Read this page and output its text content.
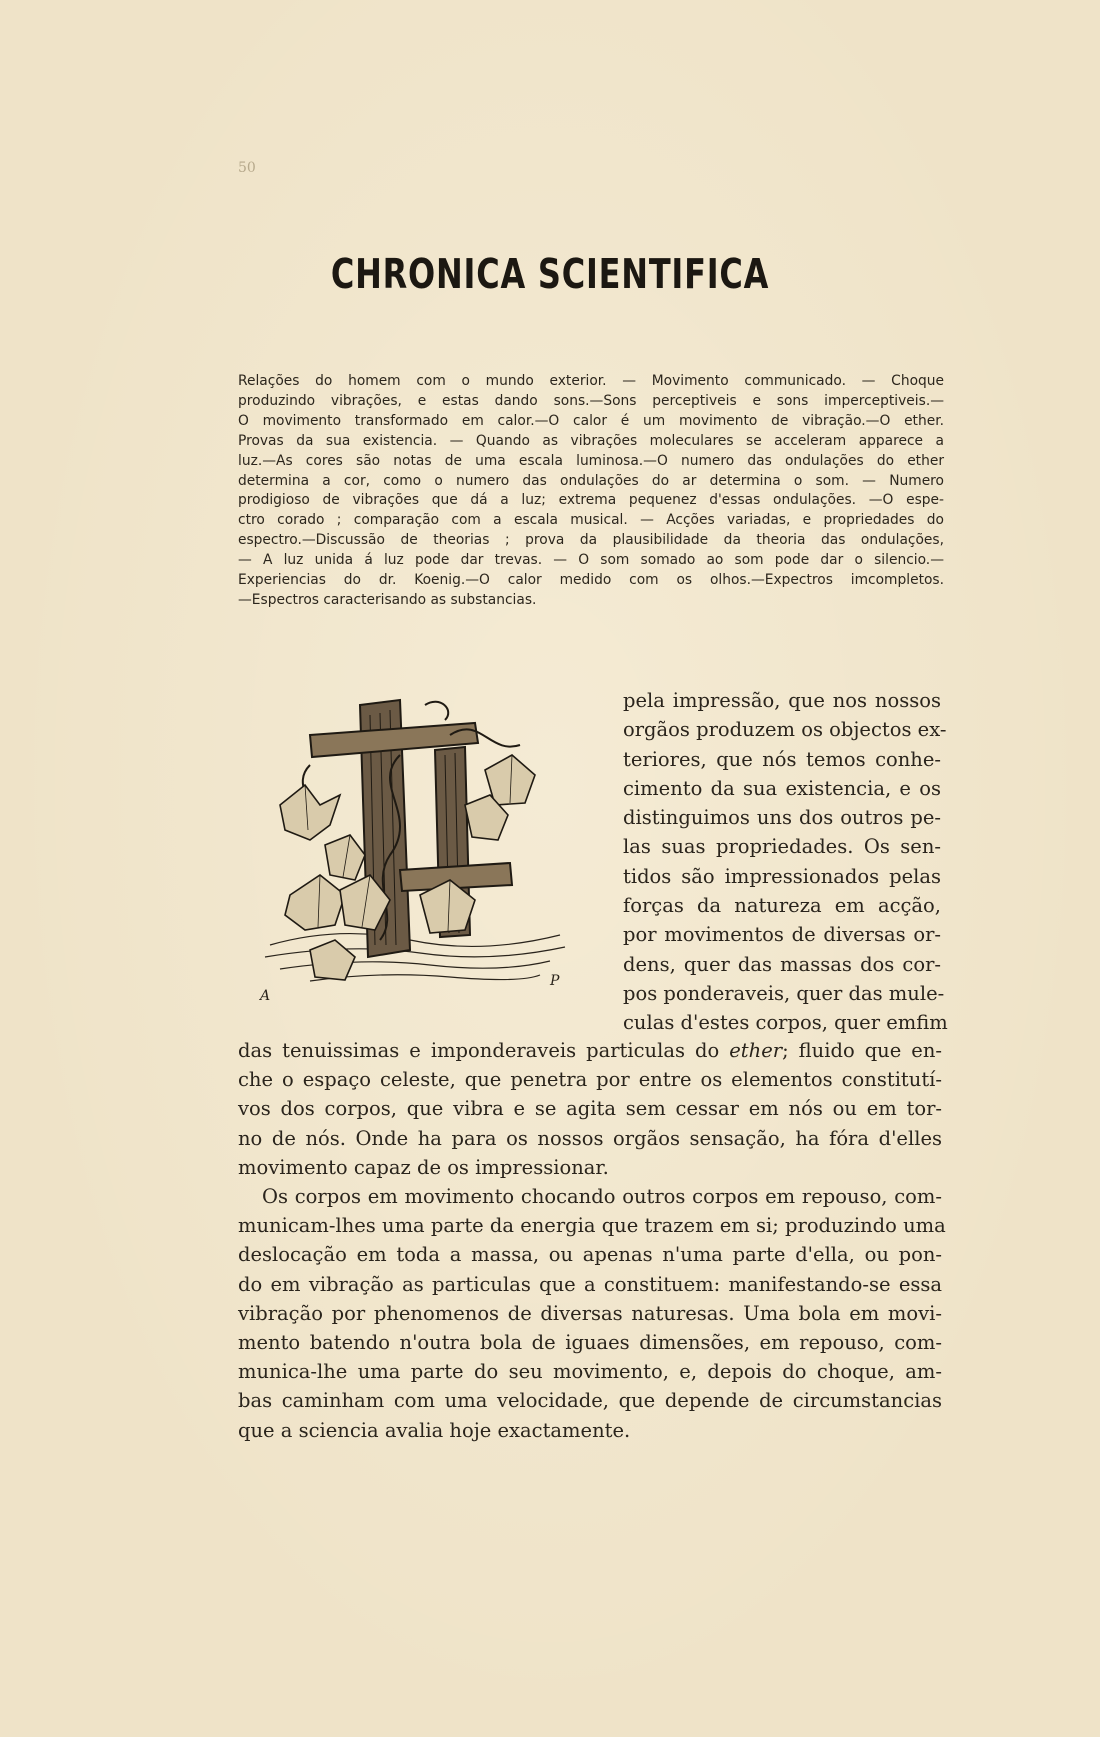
50
CHRONICA SCIENTIFICA
Relações do homem com o mundo exterior. — Movimento communicado. — Choque
produzindo vibrações, e estas dando sons.—Sons perceptiveis e sons imperceptiveis.—
O movimento transformado em calor.—O calor é um movimento de vibração.—O ether.
Provas da sua existencia. — Quando as vibrações moleculares se acceleram apparece a
luz.—As cores são notas de uma escala luminosa.—O numero das ondulações do ether
determina a cor, como o numero das ondulações do ar determina o som. — Numero
prodigioso de vibrações que dá a luz; extrema pequenez d'essas ondulações. —O espe-
ctro corado ; comparação com a escala musical. — Acções variadas, e propriedades do
espectro.—Discussão de theorias ; prova da plausibilidade da theoria das ondulações,
— A luz unida á luz pode dar trevas. — O som somado ao som pode dar o silencio.—
Experiencias do dr. Koenig.—O calor medido com os olhos.—Expectros imcompletos.
—Espectros caracterisando as substancias.
A
P
pela impressão, que nos nossos
orgãos produzem os objectos ex-
teriores, que nós temos conhe-
cimento da sua existencia, e os
distinguimos uns dos outros pe-
las suas propriedades. Os sen-
tidos são impressionados pelas
forças da natureza em acção,
por movimentos de diversas or-
dens, quer das massas dos cor-
pos ponderaveis, quer das mule-
culas d'estes corpos, quer emfim
das tenuissimas e imponderaveis particulas do ether; fluido que en-
che o espaço celeste, que penetra por entre os elementos constitutí-
vos dos corpos, que vibra e se agita sem cessar em nós ou em tor-
no de nós. Onde ha para os nossos orgãos sensação, ha fóra d'elles
movimento capaz de os impressionar.
Os corpos em movimento chocando outros corpos em repouso, com-
municam-lhes uma parte da energia que trazem em si; produzindo uma
deslocação em toda a massa, ou apenas n'uma parte d'ella, ou pon-
do em vibração as particulas que a constituem: manifestando-se essa
vibração por phenomenos de diversas naturesas. Uma bola em movi-
mento batendo n'outra bola de iguaes dimensões, em repouso, com-
munica-lhe uma parte do seu movimento, e, depois do choque, am-
bas caminham com uma velocidade, que depende de circumstancias
que a sciencia avalia hoje exactamente.
